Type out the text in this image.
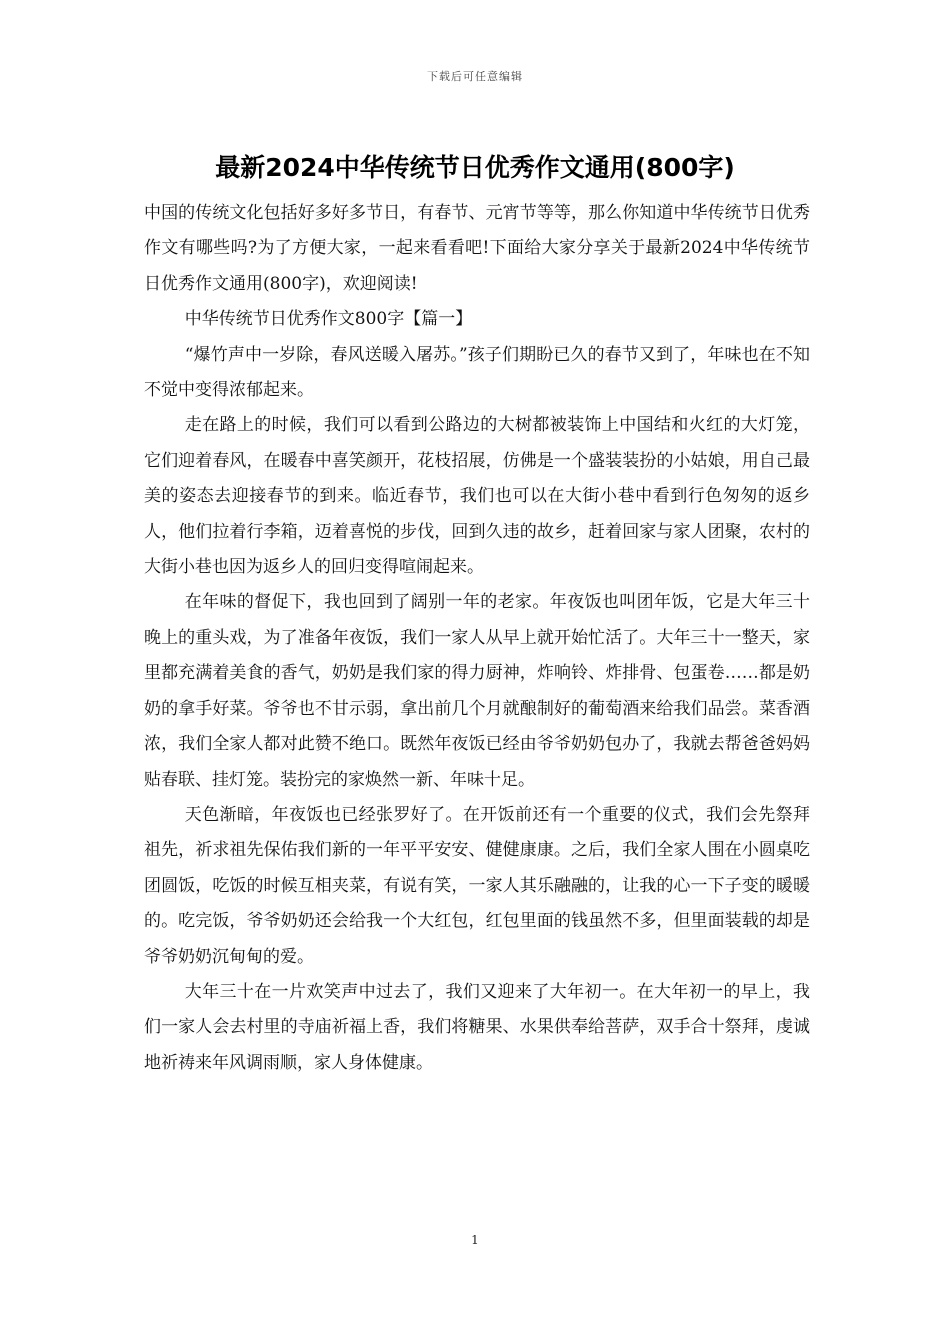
下载后可任意编辑
最新2024中华传统节日优秀作文通用(800字)

中国的传统文化包括好多好多节日，有春节、元宵节等等，那么你知道中华传统节日优秀作文有哪些吗?为了方便大家，一起来看看吧!下面给大家分享关于最新2024中华传统节日优秀作文通用(800字)，欢迎阅读!

中华传统节日优秀作文800字【篇一】

“爆竹声中一岁除，春风送暖入屠苏。”孩子们期盼已久的春节又到了，年味也在不知不觉中变得浓郁起来。

走在路上的时候，我们可以看到公路边的大树都被装饰上中国结和火红的大灯笼，它们迎着春风，在暖春中喜笑颜开，花枝招展，仿佛是一个盛装装扮的小姑娘，用自己最美的姿态去迎接春节的到来。临近春节，我们也可以在大街小巷中看到行色匆匆的返乡人，他们拉着行李箱，迈着喜悦的步伐，回到久违的故乡，赶着回家与家人团聚，农村的大街小巷也因为返乡人的回归变得喧闹起来。

在年味的督促下，我也回到了阔别一年的老家。年夜饭也叫团年饭，它是大年三十晚上的重头戏，为了准备年夜饭，我们一家人从早上就开始忙活了。大年三十一整天，家里都充满着美食的香气，奶奶是我们家的得力厨神，炸响铃、炸排骨、包蛋卷……都是奶奶的拿手好菜。爷爷也不甘示弱，拿出前几个月就酿制好的葡萄酒来给我们品尝。菜香酒浓，我们全家人都对此赞不绝口。既然年夜饭已经由爷爷奶奶包办了，我就去帮爸爸妈妈贴春联、挂灯笼。装扮完的家焕然一新、年味十足。

天色渐暗，年夜饭也已经张罗好了。在开饭前还有一个重要的仪式，我们会先祭拜祖先，祈求祖先保佑我们新的一年平平安安、健健康康。之后，我们全家人围在小圆桌吃团圆饭，吃饭的时候互相夹菜，有说有笑，一家人其乐融融的，让我的心一下子变的暖暖的。吃完饭，爷爷奶奶还会给我一个大红包，红包里面的钱虽然不多，但里面装载的却是爷爷奶奶沉甸甸的爱。

大年三十在一片欢笑声中过去了，我们又迎来了大年初一。在大年初一的早上，我们一家人会去村里的寺庙祈福上香，我们将糖果、水果供奉给菩萨，双手合十祭拜，虔诚地祈祷来年风调雨顺，家人身体健康。

1
